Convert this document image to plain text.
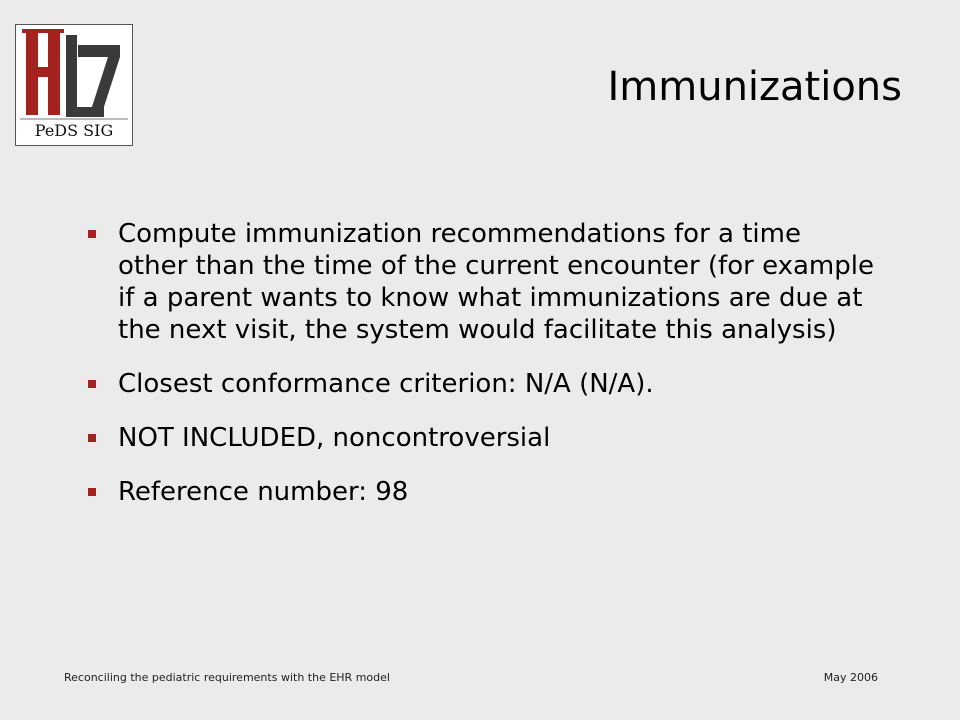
PeDS SIG
Immunizations
Compute immunization recommendations for a time other than the time of the current encounter (for example if a parent wants to know what immunizations are due at the next visit, the system would facilitate this analysis)
Closest conformance criterion: N/A (N/A).
NOT INCLUDED, noncontroversial
Reference number: 98
Reconciling the pediatric requirements with the EHR model	May 2006
